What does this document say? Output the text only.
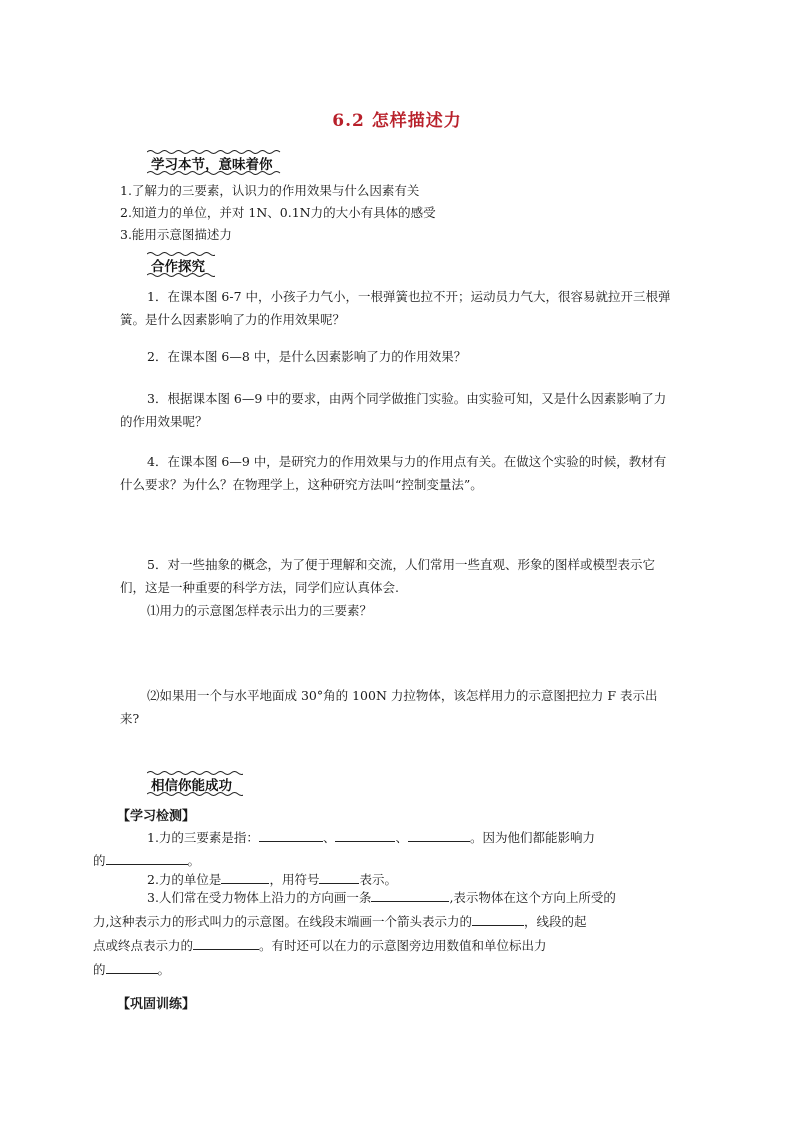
6.2 怎样描述力
学习本节，意味着你
1.了解力的三要素，认识力的作用效果与什么因素有关
2.知道力的单位，并对 1N、0.1N力的大小有具体的感受
3.能用示意图描述力
合作探究
1．在课本图 6-7 中，小孩子力气小，一根弹簧也拉不开；运动员力气大，很容易就拉开三根弹簧。是什么因素影响了力的作用效果呢？
2．在课本图 6—8 中，是什么因素影响了力的作用效果？
3．根据课本图 6—9 中的要求，由两个同学做推门实验。由实验可知，又是什么因素影响了力的作用效果呢？
4．在课本图 6—9 中，是研究力的作用效果与力的作用点有关。在做这个实验的时候，教材有什么要求？为什么？在物理学上，这种研究方法叫“控制变量法”。
5．对一些抽象的概念，为了便于理解和交流，人们常用一些直观、形象的图样或模型表示它们，这是一种重要的科学方法，同学们应认真体会.
⑴用力的示意图怎样表示出力的三要素？
⑵如果用一个与水平地面成 30°角的 100N 力拉物体，该怎样用力的示意图把拉力 F 表示出来?
相信你能成功
【学习检测】
1.力的三要素是指：	、	、	。因为他们都能影响力
的	。
2.力的单位是	，用符号	表示。
3.人们常在受力物体上沿力的方向画一条	,表示物体在这个方向上所受的
力,这种表示力的形式叫力的示意图。在线段末端画一个箭头表示力的	，线段的起
点或终点表示力的	。有时还可以在力的示意图旁边用数值和单位标出力
的	。
【巩固训练】
